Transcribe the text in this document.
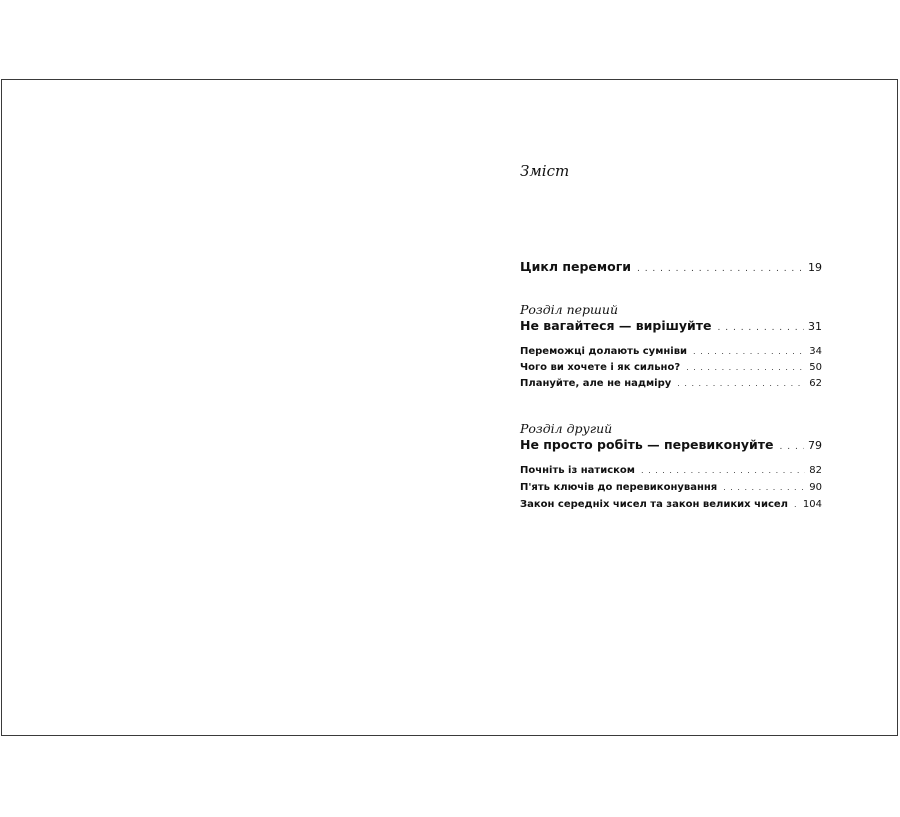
Зміст
Цикл перемоги . . .	19
Розділ перший
Не вагайтеся — вирішуйте . . .	31
Переможці долають сумніви . . .	34
Чого ви хочете і як сильно? . . .	50
Плануйте, але не надміру . . .	62
Розділ другий
Не просто робіть — перевиконуйте . . .	79
Почніть із натиском . . .	82
П'ять ключів до перевиконування . . .	90
Закон середніх чисел та закон великих чисел . . . 104
